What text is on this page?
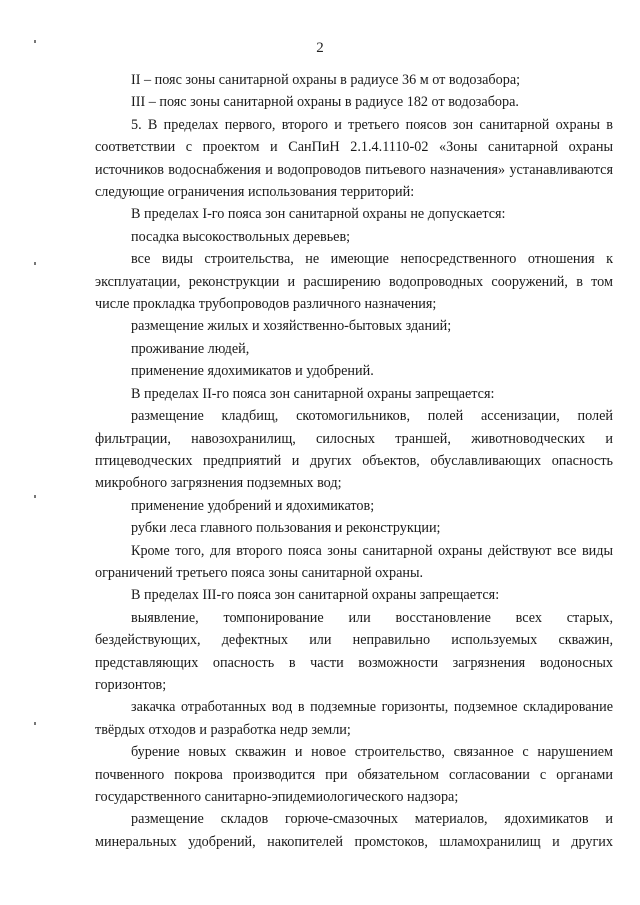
2

II – пояс зоны санитарной охраны в радиусе 36 м от водозабора;

III – пояс зоны санитарной охраны в радиусе 182 от водозабора.

5. В пределах первого, второго и третьего поясов зон санитарной охраны в соответствии с проектом и СанПиН 2.1.4.1110-02 «Зоны санитарной охраны источников водоснабжения и водопроводов питьевого назначения» устанавливаются следующие ограничения использования территорий:

В пределах I-го пояса зон санитарной охраны не допускается:

посадка высокоствольных деревьев;

все виды строительства, не имеющие непосредственного отношения к эксплуатации, реконструкции и расширению водопроводных сооружений, в том числе прокладка трубопроводов различного назначения;

размещение жилых и хозяйственно-бытовых зданий;

проживание людей,

применение ядохимикатов и удобрений.

В пределах II-го пояса зон санитарной охраны запрещается:

размещение кладбищ, скотомогильников, полей ассенизации, полей фильтрации, навозохранилищ, силосных траншей, животноводческих и птицеводческих предприятий и других объектов, обуславливающих опасность микробного загрязнения подземных вод;

применение удобрений и ядохимикатов;

рубки леса главного пользования и реконструкции;

Кроме того, для второго пояса зоны санитарной охраны действуют все виды ограничений третьего пояса зоны санитарной охраны.

В пределах III-го пояса зон санитарной охраны запрещается:

выявление, томпонирование или восстановление всех старых, бездействующих, дефектных или неправильно используемых скважин, представляющих опасность в части возможности загрязнения водоносных горизонтов;

закачка отработанных вод в подземные горизонты, подземное складирование твёрдых отходов и разработка недр земли;

бурение новых скважин и новое строительство, связанное с нарушением почвенного покрова производится при обязательном согласовании с органами государственного санитарно-эпидемиологического надзора;

размещение складов горюче-смазочных материалов, ядохимикатов и минеральных удобрений, накопителей промстоков, шламохранилищ и других
